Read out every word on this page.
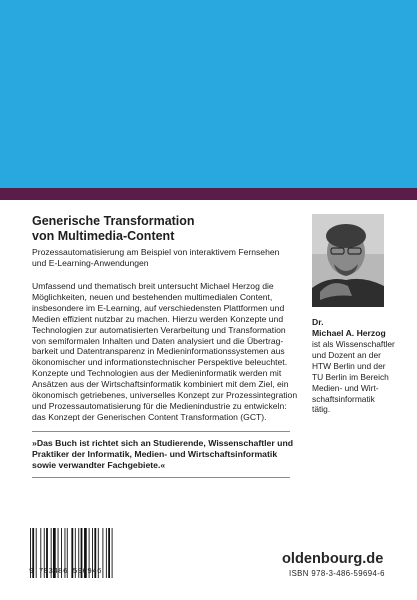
Generische Transformation
von Multimedia-Content
Prozessautomatisierung am Beispiel von interaktivem Fernsehen
und E-Learning-Anwendungen
Umfassend und thematisch breit untersucht Michael Herzog die
Möglichkeiten, neuen und bestehenden multimedialen Content,
insbesondere im E-Learning, auf verschiedensten Plattformen und
Medien effizient nutzbar zu machen. Hierzu werden Konzepte und
Technologien zur automatisierten Verarbeitung und Transformation
von semiformalen Inhalten und Daten analysiert und die Übertrag-
barkeit und Datentransparenz in Medieninformationssystemen aus
ökonomischer und informationstechnischer Perspektive beleuchtet.
Konzepte und Technologien aus der Medieninformatik werden mit
Ansätzen aus der Wirtschaftsinformatik kombiniert mit dem Ziel, ein
ökonomisch getriebenes, universelles Konzept zur Prozessintegration
und Prozessautomatisierung für die Medienindustrie zu entwickeln:
das Konzept der Generischen Content Transformation (GCT).
Dr.
Michael A. Herzog
ist als Wissenschaftler
und Dozent an der
HTW Berlin und der
TU Berlin im Bereich
Medien- und Wirt-
schaftsinformatik
tätig.
»Das Buch ist richtet sich an Studierende, Wissenschaftler und
Praktiker der Informatik, Medien- und Wirtschaftsinformatik
sowie verwandter Fachgebiete.«
9 783486 596946
oldenbourg.de
ISBN 978-3-486-59694-6
